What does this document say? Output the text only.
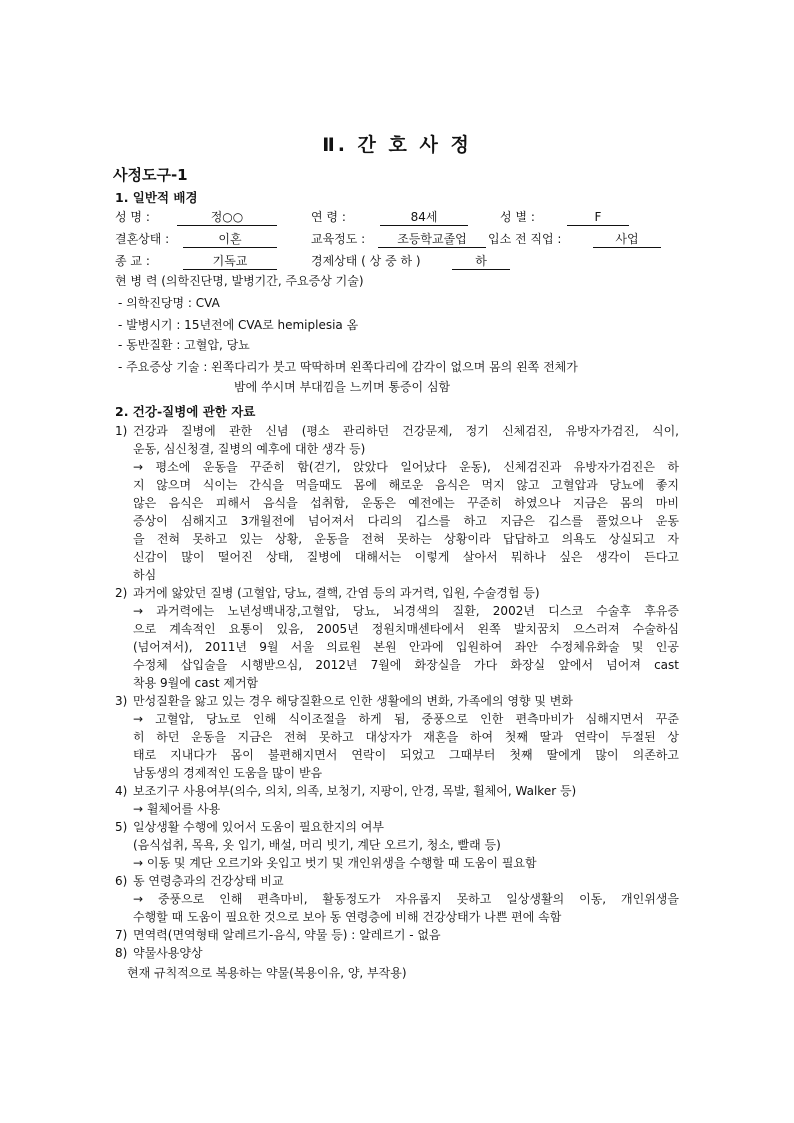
Ⅱ. 간 호 사 정
사정도구-1
1. 일반적 배경
성 명 :	정○○	연 령 :	84세	성 별 :	F
결혼상태 :	이혼	교육정도 :	조등학교졸업	입소 전 직업 :	사업
종 교 :	기독교	경제상태 ( 상 중 하 )	하
현 병 력 (의학진단명, 발병기간, 주요증상 기술)
- 의학진당명 : CVA
- 발병시기 : 15년전에 CVA로 hemiplesia 옴
- 동반질환 : 고혈압, 당뇨
- 주요증상 기술 : 왼쪽다리가 붓고 딱딱하며 왼쪽다리에 감각이 없으며 몸의 왼쪽 전체가
밤에 쑤시며 부대낌을 느끼며 통증이 심함
2. 건강-질병에 관한 자료
1) 건강과 질병에 관한 신념 (평소 관리하던 건강문제, 정기 신체검진, 유방자가검진, 식이,
운동, 심신청결, 질병의 예후에 대한 생각 등)
→ 평소에 운동을 꾸준히 함(걷기, 앉았다 일어났다 운동), 신체검진과 유방자가검진은 하
지 않으며 식이는 간식을 먹을때도 몸에 해로운 음식은 먹지 않고 고혈압과 당뇨에 좋지
않은 음식은 피해서 음식을 섭취함, 운동은 예전에는 꾸준히 하였으나 지금은 몸의 마비
증상이 심해지고 3개월전에 넘어져서 다리의 깁스를 하고 지금은 깁스를 풀었으나 운동
을 전혀 못하고 있는 상황, 운동을 전혀 못하는 상황이라 답답하고 의욕도 상실되고 자
신감이 많이 떨어진 상태, 질병에 대해서는 이렇게 살아서 뭐하나 싶은 생각이 든다고
하심
2) 과거에 앓았던 질병 (고혈압, 당뇨, 결핵, 간염 등의 과거력, 입원, 수술경험 등)
→ 과거력에는 노년성백내장,고혈압, 당뇨, 뇌경색의 질환, 2002년 디스코 수술후 후유증
으로 계속적인 요통이 있음, 2005년 정원치매센타에서 왼쪽 발치꿈치 으스러져 수술하심
(넘어져서), 2011년 9월 서울 의료원 본원 안과에 입원하여 좌안 수정체유화술 및 인공
수정체 삽입술을 시행받으심, 2012년 7월에 화장실을 가다 화장실 앞에서 넘어져 cast
착용 9월에 cast 제거함
3) 만성질환을 앓고 있는 경우 해당질환으로 인한 생활에의 변화, 가족에의 영향 및 변화
→ 고혈압, 당뇨로 인해 식이조절을 하게 됨, 중풍으로 인한 편측마비가 심해지면서 꾸준
히 하던 운동을 지금은 전혀 못하고 대상자가 재혼을 하여 첫째 딸과 연락이 두절된 상
태로 지내다가 몸이 불편해지면서 연락이 되었고 그때부터 첫째 딸에게 많이 의존하고
남동생의 경제적인 도움을 많이 받음
4) 보조기구 사용여부(의수, 의치, 의족, 보청기, 지팡이, 안경, 목발, 휠체어, Walker 등)
→ 휠체어를 사용
5) 일상생활 수행에 있어서 도움이 필요한지의 여부
(음식섭취, 목욕, 옷 입기, 배설, 머리 빗기, 계단 오르기, 청소, 빨래 등)
→ 이동 및 계단 오르기와 옷입고 벗기 및 개인위생을 수행할 때 도움이 필요함
6) 동 연령층과의 건강상태 비교
→ 중풍으로 인해 편측마비, 활동정도가 자유롭지 못하고 일상생활의 이동, 개인위생을
수행할 때 도움이 필요한 것으로 보아 동 연령층에 비해 건강상태가 나쁜 편에 속함
7) 면역력(면역형태 알레르기-음식, 약물 등) : 알레르기 - 없음
8) 약물사용양상
현재 규칙적으로 복용하는 약물(복용이유, 양, 부작용)
